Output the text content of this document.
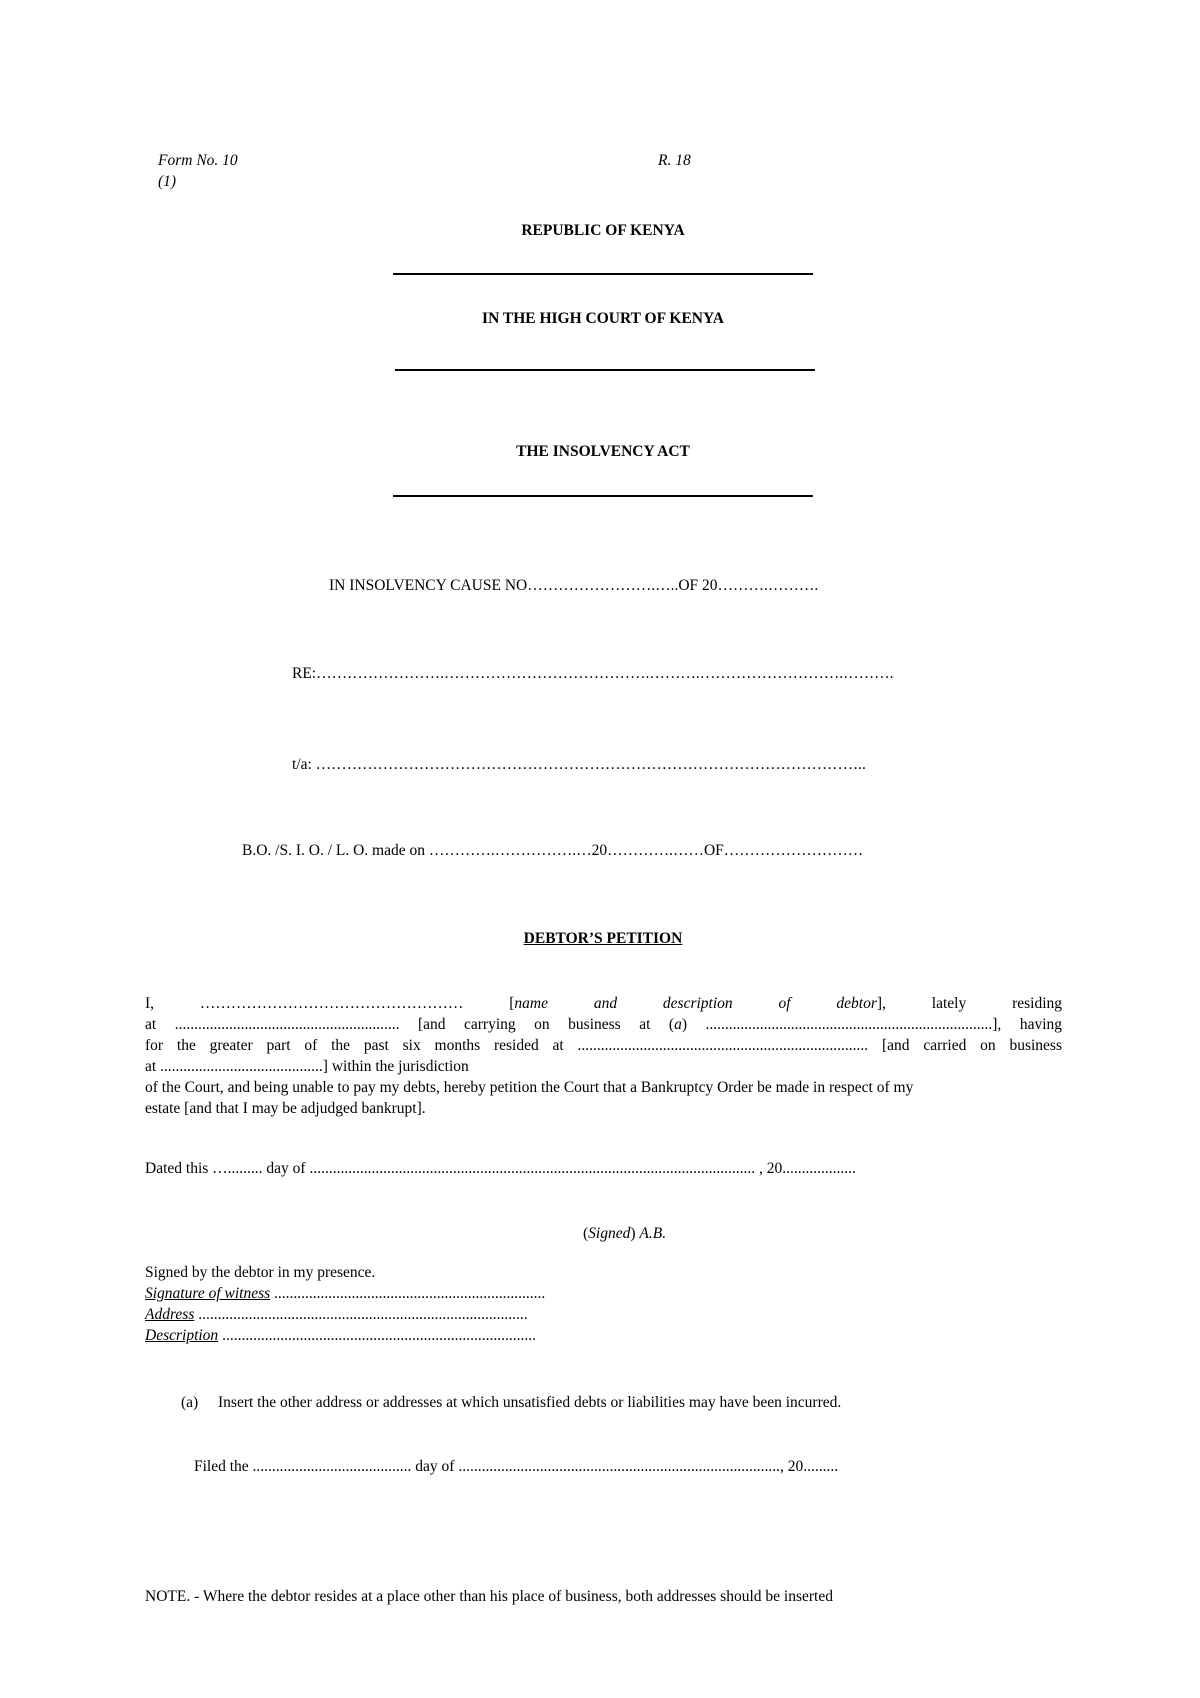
Form No. 10
(1)
R. 18
REPUBLIC OF KENYA
IN THE HIGH COURT OF KENYA
THE INSOLVENCY ACT
IN INSOLVENCY CAUSE NO…………………….…..OF 20……….……….
RE:…………………….………………………………….……….……………………….……….
t/a: ……………………………………………………………………………………………..
B.O. /S. I. O. / L. O. made on ………….…………….…20………….……OF………………………
DEBTOR’S PETITION
I,	……………………………………………	[name	and	description	of	debtor],	lately	residing
at .......................................................... [and carrying on business at (a) ..........................................................................], having
for the greater part of the past six months resided at ........................................................................... [and carried on business
at ..........................................] within the jurisdiction
of the Court, and being unable to pay my debts, hereby petition the Court that a Bankruptcy Order be made in respect of my
estate [and that I may be adjudged bankrupt].
Dated this …......... day of ................................................................................................................... , 20...................
(Signed) A.B.
Signed by the debtor in my presence.
Signature of witness ......................................................................
Address .....................................................................................
Description .................................................................................
(a) Insert the other address or addresses at which unsatisfied debts or liabilities may have been incurred.
Filed the ......................................... day of ..................................................................................., 20.........
NOTE. - Where the debtor resides at a place other than his place of business, both addresses should be inserted
